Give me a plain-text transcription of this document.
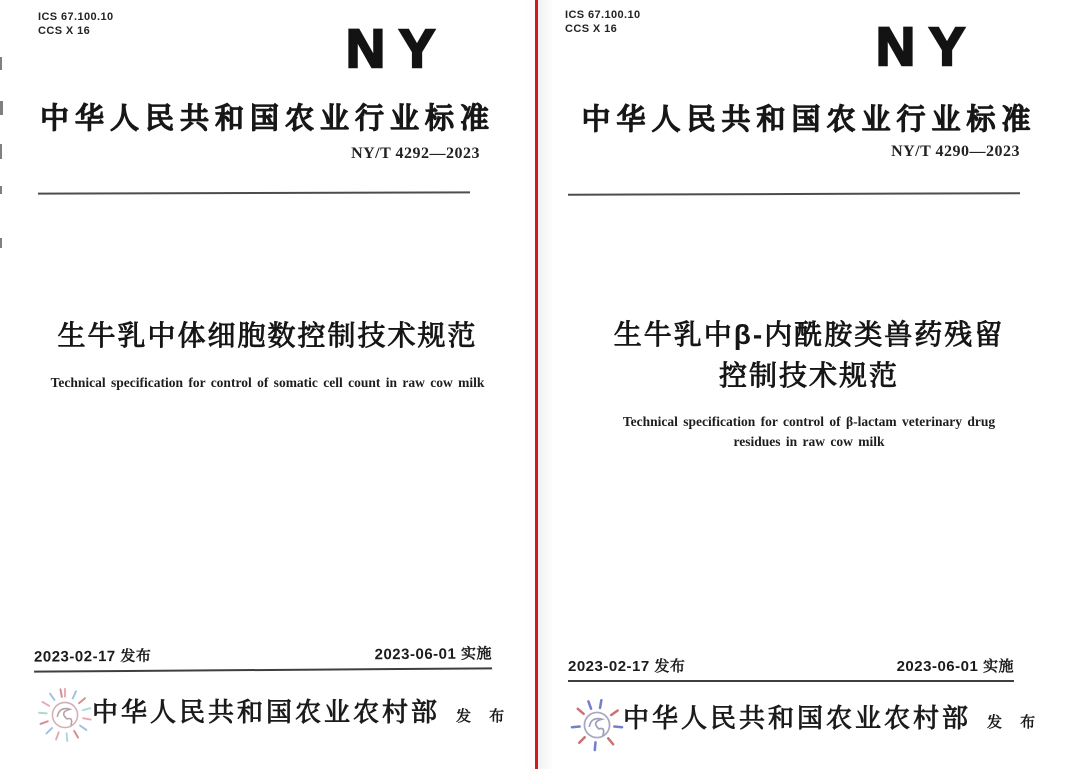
ICS 67.100.10
CCS X 16	NY
中华人民共和国农业行业标准
NY/T 4292—2023
生牛乳中体细胞数控制技术规范
Technical specification for control of somatic cell count in raw cow milk
2023-02-17 发布	2023-06-01 实施
中华人民共和国农业农村部 发 布
ICS 67.100.10
CCS X 16	NY
中华人民共和国农业行业标准
NY/T 4290—2023
生牛乳中β-内酰胺类兽药残留
控制技术规范
Technical specification for control of β-lactam veterinary drug
residues in raw cow milk
2023-02-17 发布	2023-06-01 实施
中华人民共和国农业农村部 发 布
